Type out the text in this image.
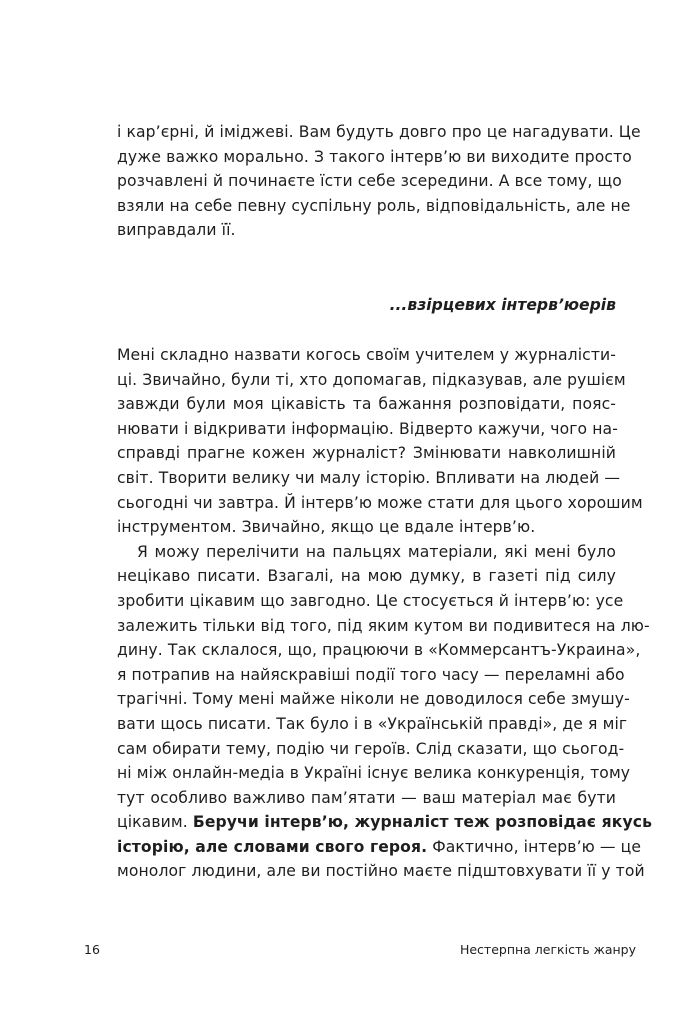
і кар’єрні, й іміджеві. Вам будуть довго про це нагадувати. Це
дуже важко морально. З такого інтерв’ю ви виходите просто
розчавлені й починаєте їсти себе зсередини. А все тому, що
взяли на себе певну суспільну роль, відповідальність, але не
виправдали її.
...взірцевих інтерв’юерів
Мені складно назвати когось своїм учителем у журналісти-
ці. Звичайно, були ті, хто допомагав, підказував, але рушієм
завжди були моя цікавість та бажання розповідати, пояс-
нювати і відкривати інформацію. Відверто кажучи, чого на-
справді прагне кожен журналіст? Змінювати навколишній
світ. Творити велику чи малу історію. Впливати на людей —
сьогодні чи завтра. Й інтерв’ю може стати для цього хорошим
інструментом. Звичайно, якщо це вдале інтерв’ю.
Я можу перелічити на пальцях матеріали, які мені було
нецікаво писати. Взагалі, на мою думку, в газеті під силу
зробити цікавим що завгодно. Це стосується й інтерв’ю: усе
залежить тільки від того, під яким кутом ви подивитеся на лю-
дину. Так склалося, що, працюючи в «Коммерсантъ-Украина»,
я потрапив на найяскравіші події того часу — переламні або
трагічні. Тому мені майже ніколи не доводилося себе змушу-
вати щось писати. Так було і в «Українській правді», де я міг
сам обирати тему, подію чи героїв. Слід сказати, що сьогод-
ні між онлайн-медіа в Україні існує велика конкуренція, тому
тут особливо важливо пам’ятати — ваш матеріал має бути
цікавим. Беручи інтерв’ю, журналіст теж розповідає якусь
історію, але словами свого героя. Фактично, інтерв’ю — це
монолог людини, але ви постійно маєте підштовхувати її у той
16	Нестерпна легкість жанру
